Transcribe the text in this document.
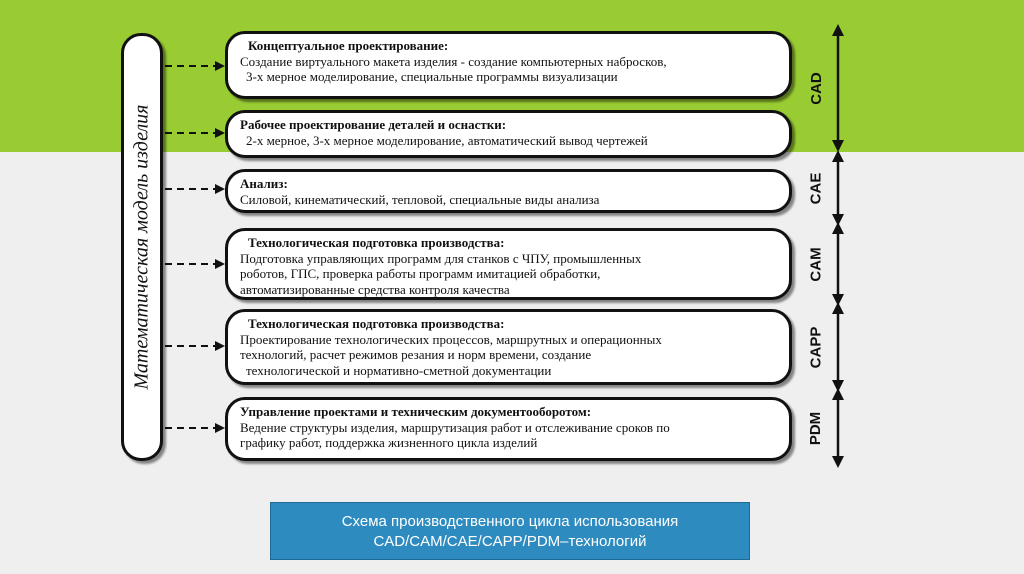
Математическая модель изделия
Концептуальное проектирование:
Создание виртуального макета изделия - создание компьютерных набросков,
3-х мерное моделирование, специальные программы визуализации
Рабочее проектирование деталей и оснастки:
2-х мерное, 3-х мерное моделирование, автоматический вывод чертежей
Анализ:
Силовой, кинематический, тепловой, специальные виды анализа
Технологическая подготовка производства:
Подготовка управляющих программ для станков с ЧПУ, промышленных
роботов, ГПС, проверка работы программ имитацией обработки,
автоматизированные средства контроля качества
Технологическая подготовка производства:
Проектирование технологических процессов, маршрутных и операционных
технологий, расчет режимов резания и норм времени, создание
технологической и нормативно-сметной документации
Управление проектами и техническим документооборотом:
Ведение структуры изделия, маршрутизация работ и отслеживание сроков по
графику работ, поддержка жизненного цикла изделий
CAD
CAE
CAM
CAPP
PDM
Схема производственного цикла использования
CAD/CAM/CAE/CAPP/PDM–технологий
